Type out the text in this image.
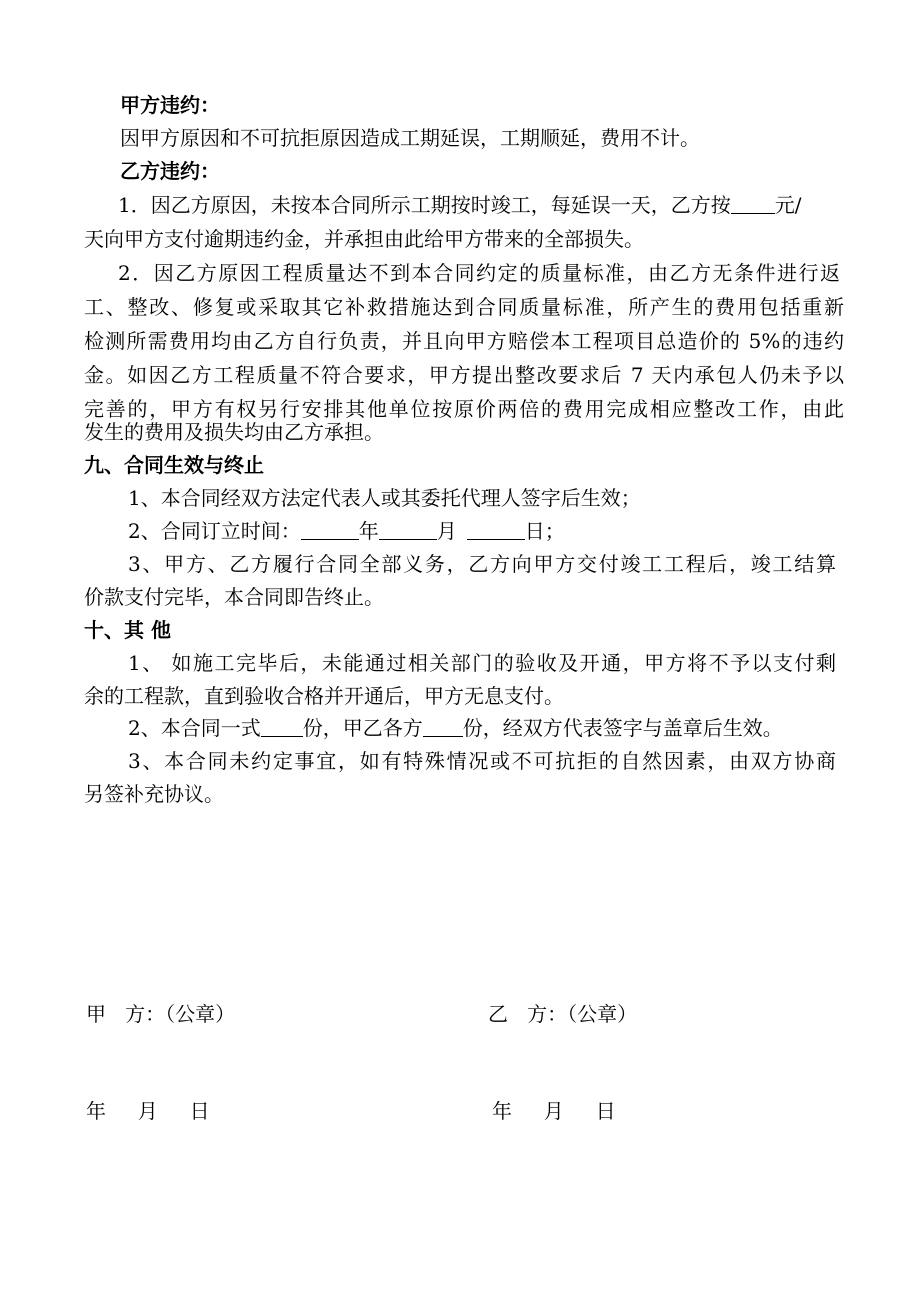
甲方违约：
因甲方原因和不可抗拒原因造成工期延误，工期顺延，费用不计。
乙方违约：
1．因乙方原因，未按本合同所示工期按时竣工，每延误一天，乙方按 元/
天向甲方支付逾期违约金，并承担由此给甲方带来的全部损失。
2．因乙方原因工程质量达不到本合同约定的质量标准，由乙方无条件进行返
工、整改、修复或采取其它补救措施达到合同质量标准，所产生的费用包括重新
检测所需费用均由乙方自行负责，并且向甲方赔偿本工程项目总造价的 5%的违约
金。如因乙方工程质量不符合要求，甲方提出整改要求后 7 天内承包人仍未予以
完善的，甲方有权另行安排其他单位按原价两倍的费用完成相应整改工作，由此
发生的费用及损失均由乙方承担。
九、合同生效与终止
1、本合同经双方法定代表人或其委托代理人签字后生效；
2、合同订立时间：	年	月	日；
3、甲方、乙方履行合同全部义务，乙方向甲方交付竣工工程后，竣工结算
价款支付完毕，本合同即告终止。
十、其 他
1、 如施工完毕后，未能通过相关部门的验收及开通，甲方将不予以支付剩
余的工程款，直到验收合格并开通后，甲方无息支付。
2、本合同一式 份，甲乙各方 份，经双方代表签字与盖章后生效。
3、本合同未约定事宜，如有特殊情况或不可抗拒的自然因素，由双方协商
另签补充协议。
甲   方：（公章）	乙   方：（公章）
年     月     日	年     月     日
